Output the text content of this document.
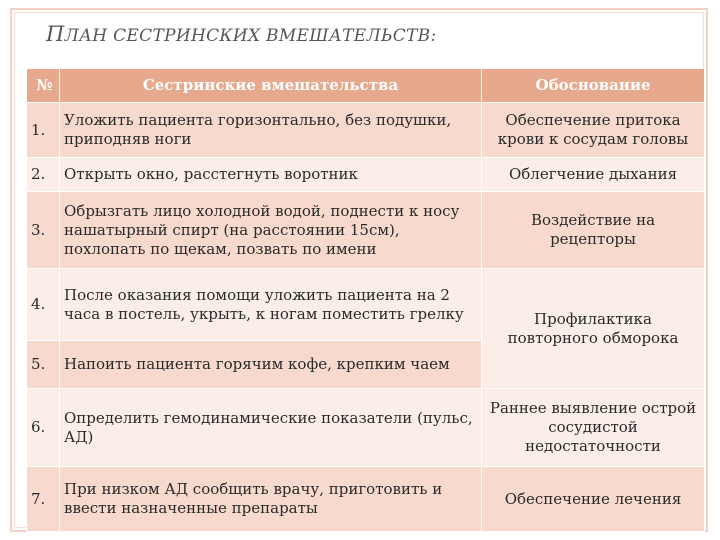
ПЛАН СЕСТРИНСКИХ ВМЕШАТЕЛЬСТВ:
№	Сестринские вмешательства	Обоснование
1.	Уложить пациента горизонтально, без подушки, приподняв ноги	Обеспечение притока крови к сосудам головы
2.	Открыть окно, расстегнуть воротник	Облегчение дыхания
3.	Обрызгать лицо холодной водой, поднести к носу нашатырный спирт (на расстоянии 15см), похлопать по щекам, позвать по имени	Воздействие на рецепторы
4.	После оказания помощи уложить пациента на 2 часа в постель, укрыть, к ногам поместить грелку	Профилактика повторного обморока
5.	Напоить пациента горячим кофе, крепким чаем	
6.	Определить гемодинамические показатели (пульс, АД)	Раннее выявление острой сосудистой недостаточности
7.	При низком АД сообщить врачу, приготовить и ввести назначенные препараты	Обеспечение лечения
